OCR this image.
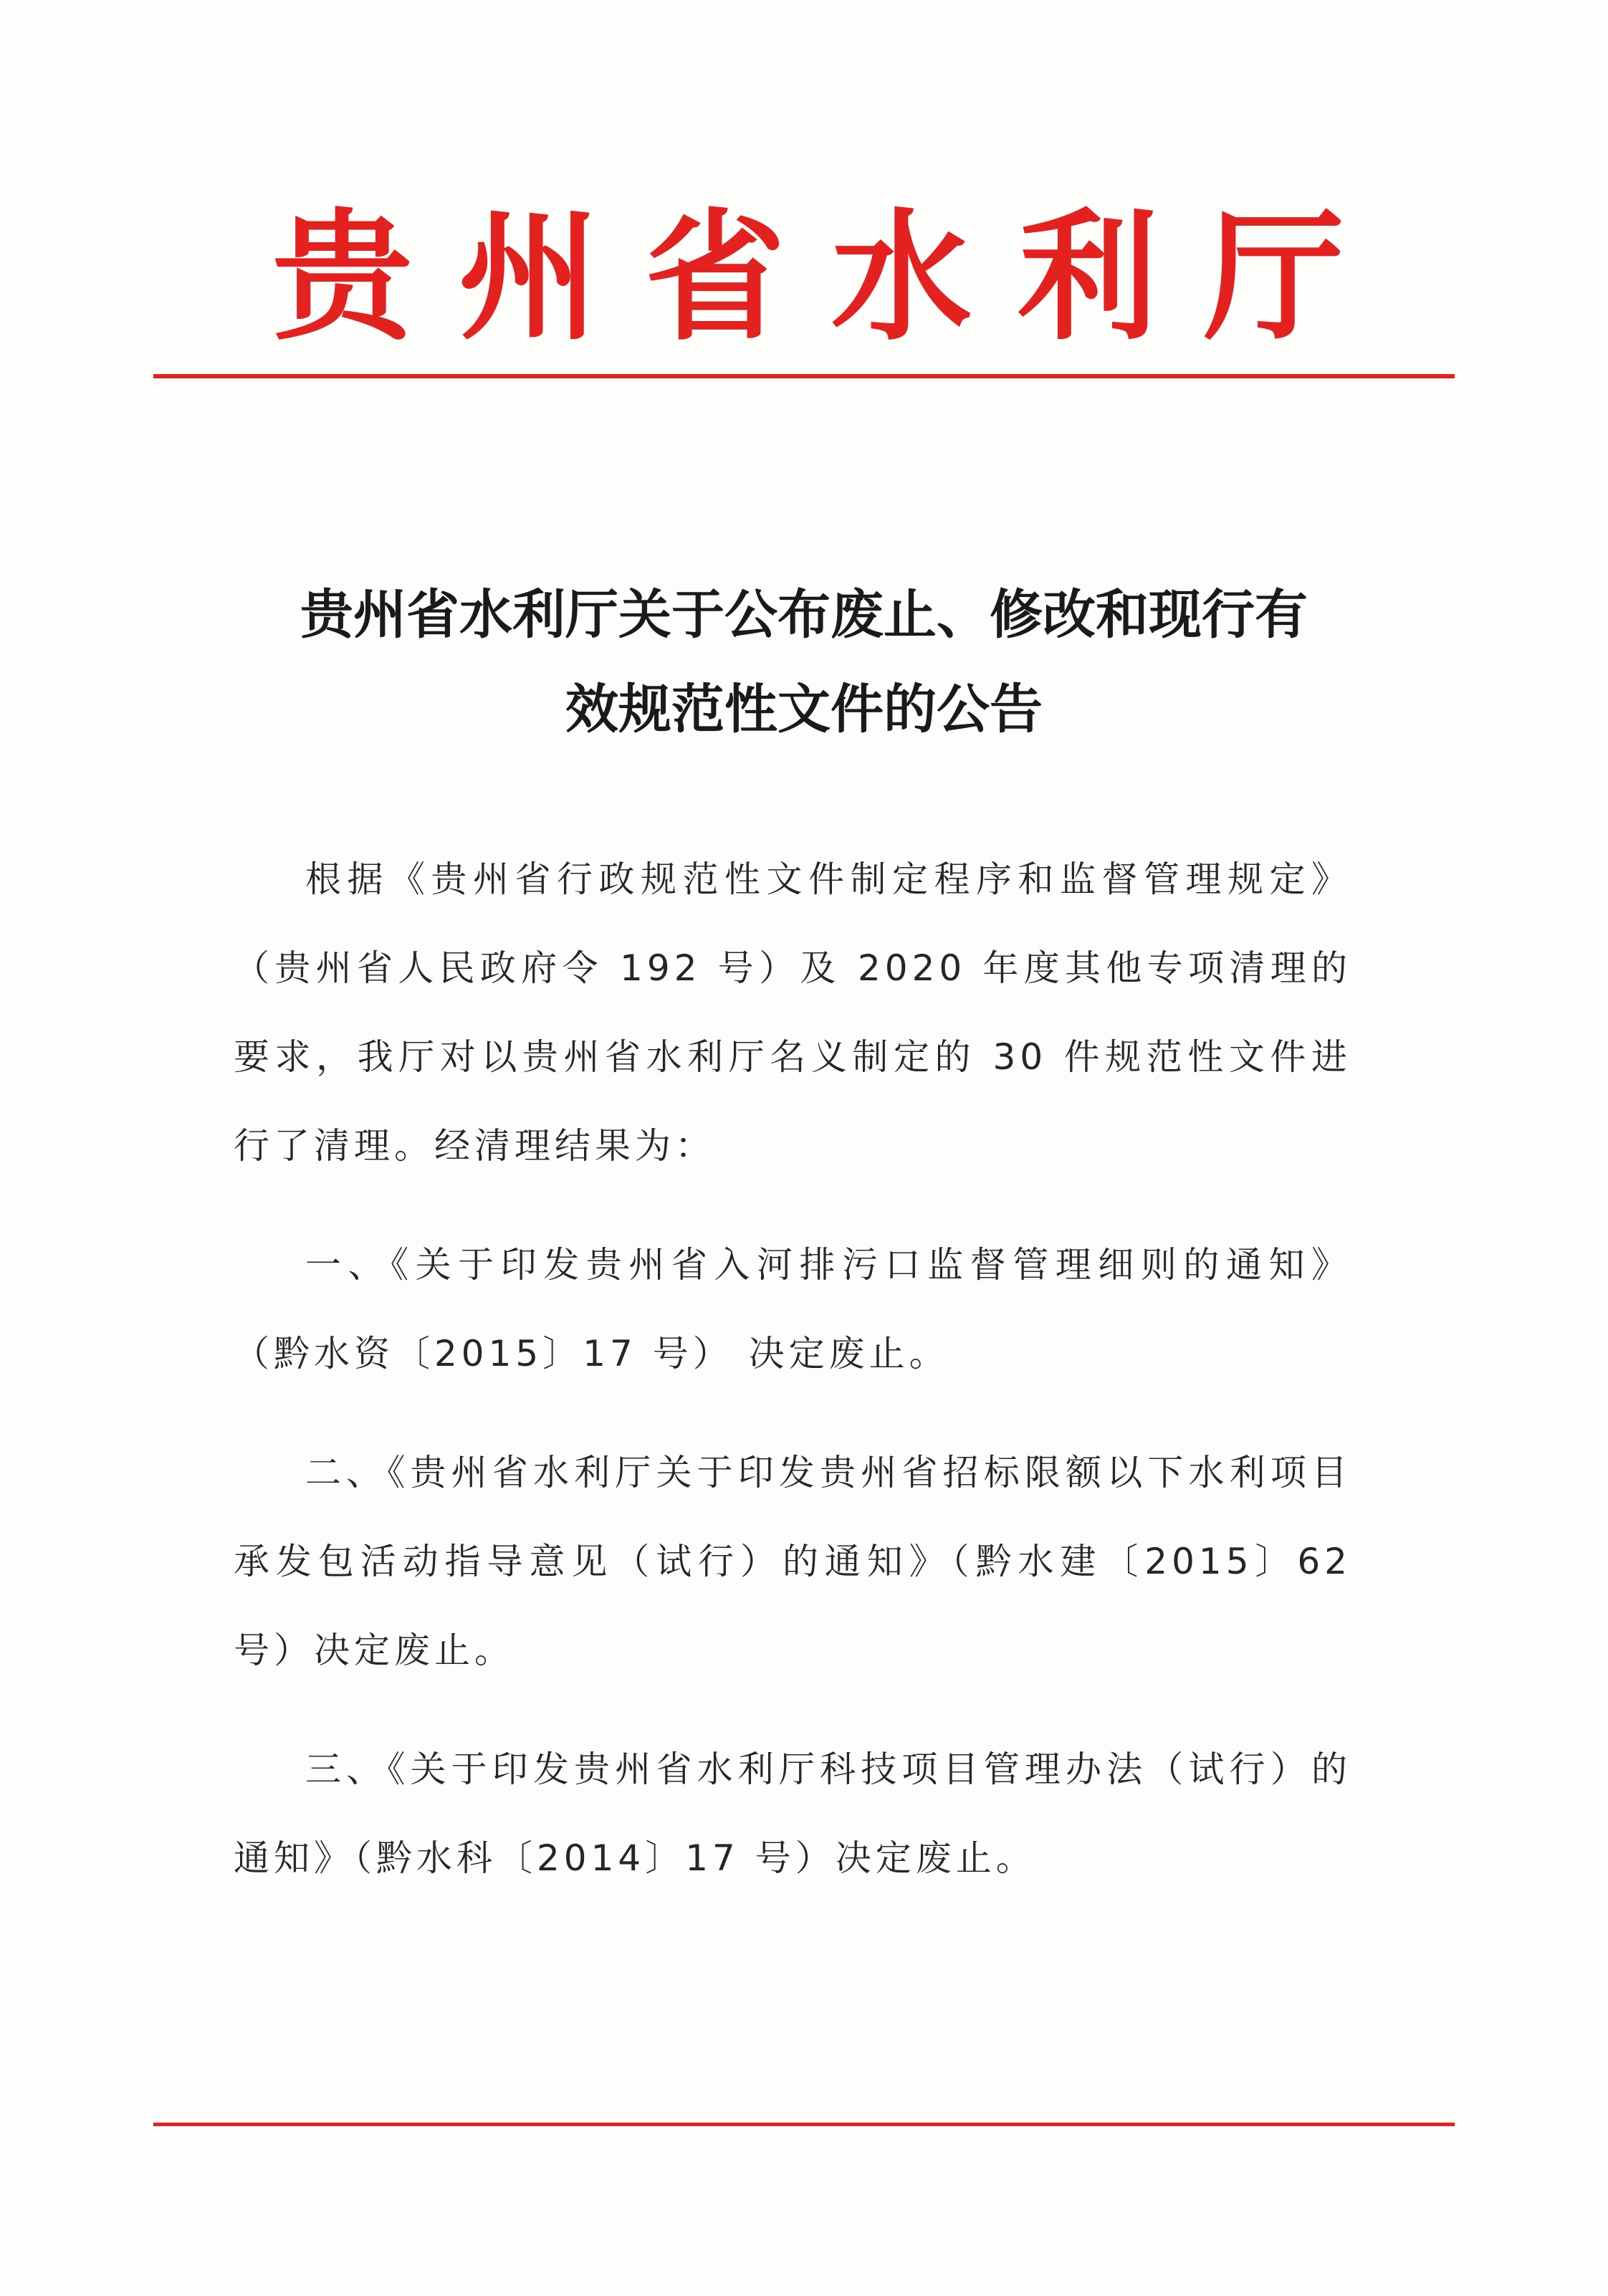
贵州省水利厅
贵州省水利厅关于公布废止、修改和现行有
效规范性文件的公告

根据《贵州省行政规范性文件制定程序和监督管理规定》（贵州省人民政府令 192 号）及 2020 年度其他专项清理的要求，我厅对以贵州省水利厅名义制定的 30 件规范性文件进行了清理。经清理结果为：

一、《关于印发贵州省入河排污口监督管理细则的通知》（黔水资〔2015〕17 号） 决定废止。

二、《贵州省水利厅关于印发贵州省招标限额以下水利项目承发包活动指导意见（试行）的通知》（黔水建〔2015〕62 号）决定废止。

三、《关于印发贵州省水利厅科技项目管理办法（试行）的通知》（黔水科〔2014〕17 号）决定废止。
